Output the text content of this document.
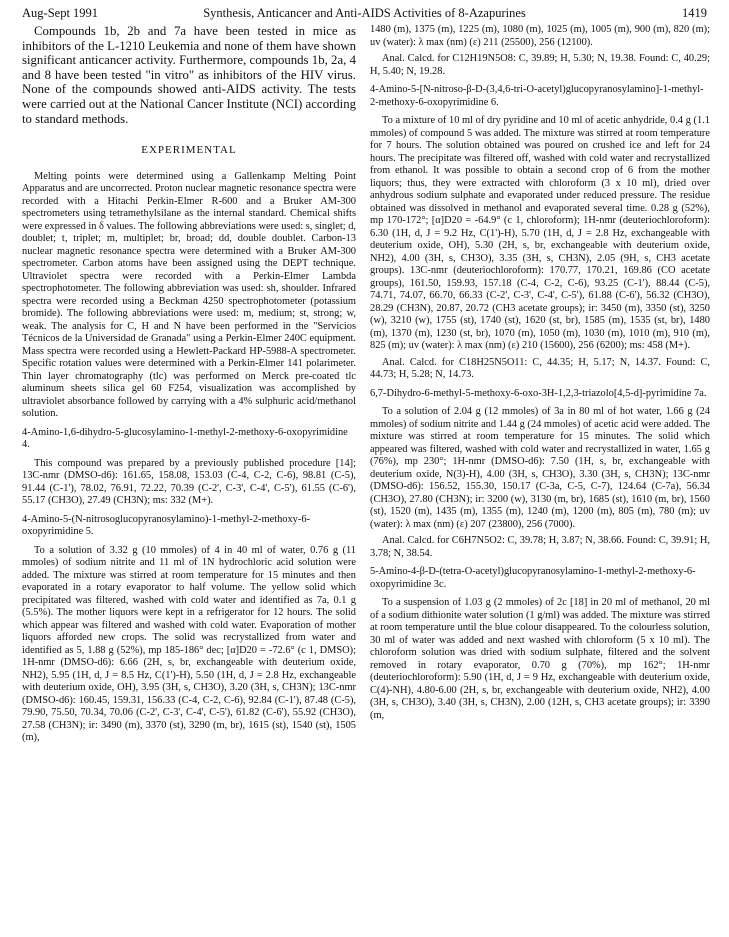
Aug-Sept 1991	Synthesis, Anticancer and Anti-AIDS Activities of 8-Azapurines	1419

Compounds 1b, 2b and 7a have been tested in mice as inhibitors of the L-1210 Leukemia and none of them have shown significant anticancer activity. Furthermore, compounds 1b, 2a, 4 and 8 have been tested "in vitro" as inhibitors of the HIV virus. None of the compounds showed anti-AIDS activity. The tests were carried out at the National Cancer Institute (NCI) according to standard methods.

EXPERIMENTAL

Melting points were determined using a Gallenkamp Melting Point Apparatus and are uncorrected. Proton nuclear magnetic resonance spectra were recorded with a Hitachi Perkin-Elmer R-600 and a Bruker AM-300 spectrometers using tetramethylsilane as the internal standard. Chemical shifts were expressed in δ values. The following abbreviations were used: s, singlet; d, doublet; t, triplet; m, multiplet; br, broad; dd, double doublet. Carbon-13 nuclear magnetic resonance spectra were determined with a Bruker AM-300 spectrometer. Carbon atoms have been assigned using the DEPT technique. Ultraviolet spectra were recorded with a Perkin-Elmer Lambda spectrophotometer. The following abbreviation was used: sh, shoulder. Infrared spectra were recorded using a Beckman 4250 spectrophotometer (potassium bromide). The following abbreviations were used: m, medium; st, strong; w, weak. The analysis for C, H and N have been performed in the "Servicios Técnicos de la Universidad de Granada" using a Perkin-Elmer 240C equipment. Mass spectra were recorded using a Hewlett-Packard HP-5988-A spectrometer. Specific rotation values were determined with a Perkin-Elmer 141 polarimeter. Thin layer chromatography (tlc) was performed on Merck pre-coated tlc aluminum sheets silica gel 60 F254, visualization was accomplished by ultraviolet absorbance followed by carrying with a 4% sulphuric acid/methanol solution.

4-Amino-1,6-dihydro-5-glucosylamino-1-methyl-2-methoxy-6-oxopyrimidine 4.

This compound was prepared by a previously published procedure [14]; 13C-nmr (DMSO-d6): 161.65, 158.08, 153.03 (C-4, C-2, C-6), 98.81 (C-5), 91.44 (C-1'), 78.02, 76.91, 72.22, 70.39 (C-2', C-3', C-4', C-5'), 61.55 (C-6'), 55.17 (CH3O), 27.49 (CH3N); ms: 332 (M+).

4-Amino-5-(N-nitrosoglucopyranosylamino)-1-methyl-2-methoxy-6-oxopyrimidine 5.

To a solution of 3.32 g (10 mmoles) of 4 in 40 ml of water, 0.76 g (11 mmoles) of sodium nitrite and 11 ml of 1N hydrochloric acid solution were added. The mixture was stirred at room temperature for 15 minutes and then evaporated in a rotary evaporator to half volume. The yellow solid which precipitated was filtered, washed with cold water and identified as 7a, 0.1 g (5.5%). The mother liquors were kept in a refrigerator for 12 hours. The solid which appear was filtered and washed with cold water. Evaporation of mother liquors afforded new crops. The solid was recrystallized from water and identified as 5, 1.88 g (52%), mp 185-186° dec; [α]D20 = -72.6° (c 1, DMSO); 1H-nmr (DMSO-d6): 6.66 (2H, s, br, exchangeable with deuterium oxide, NH2), 5.95 (1H, d, J = 8.5 Hz, C(1')-H), 5.50 (1H, d, J = 2.8 Hz, exchangeable with deuterium oxide, OH), 3.95 (3H, s, CH3O), 3.20 (3H, s, CH3N); 13C-nmr (DMSO-d6): 160.45, 159.31, 156.33 (C-4, C-2, C-6), 92.84 (C-1'), 87.48 (C-5), 79.90, 75.50, 70.34, 70.06 (C-2', C-3', C-4', C-5'), 61.82 (C-6'), 55.92 (CH3O), 27.58 (CH3N); ir: 3490 (m), 3370 (st), 3290 (m, br), 1615 (st), 1540 (st), 1505 (m),

1480 (m), 1375 (m), 1225 (m), 1080 (m), 1025 (m), 1005 (m), 900 (m), 820 (m); uv (water): λ max (nm) (ε) 211 (25500), 256 (12100).

Anal. Calcd. for C12H19N5O8: C, 39.89; H, 5.30; N, 19.38. Found: C, 40.29; H, 5.40; N, 19.28.

4-Amino-5-[N-nitroso-β-D-(3,4,6-tri-O-acetyl)glucopyranosylamino]-1-methyl-2-methoxy-6-oxopyrimidine 6.

To a mixture of 10 ml of dry pyridine and 10 ml of acetic anhydride, 0.4 g (1.1 mmoles) of compound 5 was added. The mixture was stirred at room temperature for 7 hours. The solution obtained was poured on crushed ice and left for 24 hours. The precipitate was filtered off, washed with cold water and recrystallized from ethanol. It was possible to obtain a second crop of 6 from the mother liquors; thus, they were extracted with chloroform (3 x 10 ml), dried over anhydrous sodium sulphate and evaporated under reduced pressure. The residue obtained was dissolved in methanol and evaporated several time. 0.28 g (52%), mp 170-172°; [α]D20 = -64.9° (c 1, chloroform); 1H-nmr (deuteriochloroform): 6.30 (1H, d, J = 9.2 Hz, C(1')-H), 5.70 (1H, d, J = 2.8 Hz, exchangeable with deuterium oxide, OH), 5.30 (2H, s, br, exchangeable with deuterium oxide, NH2), 4.00 (3H, s, CH3O), 3.35 (3H, s, CH3N), 2.05 (9H, s, CH3 acetate groups). 13C-nmr (deuteriochloroform): 170.77, 170.21, 169.86 (CO acetate groups), 161.50, 159.93, 157.18 (C-4, C-2, C-6), 93.25 (C-1'), 88.44 (C-5), 74.71, 74.07, 66.70, 66.33 (C-2', C-3', C-4', C-5'), 61.88 (C-6'), 56.32 (CH3O), 28.29 (CH3N), 20.87, 20.72 (CH3 acetate groups); ir: 3450 (m), 3350 (st), 3250 (w), 3210 (w), 1755 (st), 1740 (st), 1620 (st, br), 1585 (m), 1535 (st, br), 1480 (m), 1370 (m), 1230 (st, br), 1070 (m), 1050 (m), 1030 (m), 1010 (m), 910 (m), 825 (m); uv (water): λ max (nm) (ε) 210 (15600), 256 (6200); ms: 458 (M+).

Anal. Calcd. for C18H25N5O11: C, 44.35; H, 5.17; N, 14.37. Found: C, 44.73; H, 5.28; N, 14.73.

6,7-Dihydro-6-methyl-5-methoxy-6-oxo-3H-1,2,3-triazolo[4,5-d]-pyrimidine 7a.

To a solution of 2.04 g (12 mmoles) of 3a in 80 ml of hot water, 1.66 g (24 mmoles) of sodium nitrite and 1.44 g (24 mmoles) of acetic acid were added. The mixture was stirred at room temperature for 15 minutes. The solid which appeared was filtered, washed with cold water and recrystallized in water, 1.65 g (76%), mp 230°; 1H-nmr (DMSO-d6): 7.50 (1H, s, br, exchangeable with deuterium oxide, N(3)-H), 4.00 (3H, s, CH3O), 3.30 (3H, s, CH3N); 13C-nmr (DMSO-d6): 156.52, 155.30, 150.17 (C-3a, C-5, C-7), 124.64 (C-7a), 56.34 (CH3O), 27.80 (CH3N); ir: 3200 (w), 3130 (m, br), 1685 (st), 1610 (m, br), 1560 (st), 1520 (m), 1435 (m), 1355 (m), 1240 (m), 1200 (m), 805 (m), 780 (m); uv (water): λ max (nm) (ε) 207 (23800), 256 (7000).

Anal. Calcd. for C6H7N5O2: C, 39.78; H, 3.87; N, 38.66. Found: C, 39.91; H, 3.78; N, 38.54.

5-Amino-4-β-D-(tetra-O-acetyl)glucopyranosylamino-1-methyl-2-methoxy-6-oxopyrimidine 3c.

To a suspension of 1.03 g (2 mmoles) of 2c [18] in 20 ml of methanol, 20 ml of a sodium dithionite water solution (1 g/ml) was added. The mixture was stirred at room temperature until the blue colour disappeared. To the colourless solution, 30 ml of water was added and next washed with chloroform (5 x 10 ml). The chloroform solution was dried with sodium sulphate, filtered and the solvent removed in rotary evaporator, 0.70 g (70%), mp 162°; 1H-nmr (deuteriochloroform): 5.90 (1H, d, J = 9 Hz, exchangeable with deuterium oxide, C(4)-NH), 4.80-6.00 (2H, s, br, exchangeable with deuterium oxide, NH2), 4.00 (3H, s, CH3O), 3.40 (3H, s, CH3N), 2.00 (12H, s, CH3 acetate groups); ir: 3390 (m,
